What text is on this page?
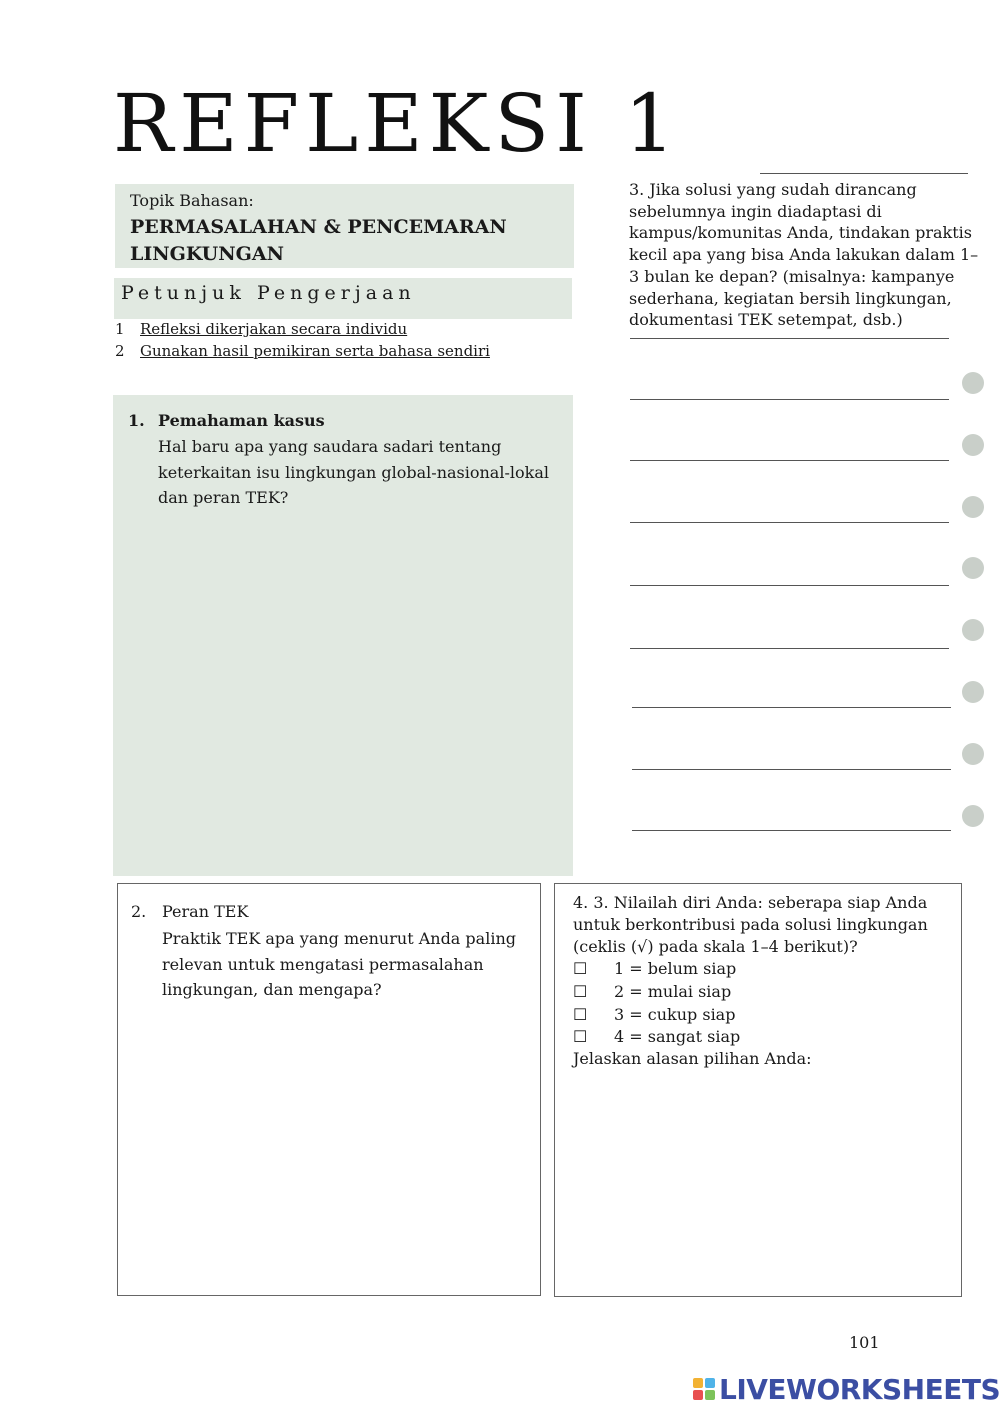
REFLEKSI 1
Topik Bahasan:
PERMASALAHAN & PENCEMARAN
LINGKUNGAN
Petunjuk Pengerjaan
1 Refleksi dikerjakan secara individu
2 Gunakan hasil pemikiran serta bahasa sendiri
1. Pemahaman kasus
Hal baru apa yang saudara sadari tentang keterkaitan isu lingkungan global-nasional-lokal dan peran TEK?
3. Jika solusi yang sudah dirancang sebelumnya ingin diadaptasi di kampus/komunitas Anda, tindakan praktis kecil apa yang bisa Anda lakukan dalam 1–3 bulan ke depan? (misalnya: kampanye sederhana, kegiatan bersih lingkungan, dokumentasi TEK setempat, dsb.)
2. Peran TEK
Praktik TEK apa yang menurut Anda paling relevan untuk mengatasi permasalahan lingkungan, dan mengapa?
4. 3. Nilailah diri Anda: seberapa siap Anda untuk berkontribusi pada solusi lingkungan (ceklis (√) pada skala 1–4 berikut)?
☐ 1 = belum siap
☐ 2 = mulai siap
☐ 3 = cukup siap
☐ 4 = sangat siap
Jelaskan alasan pilihan Anda:
101
LIVEWORKSHEETS
